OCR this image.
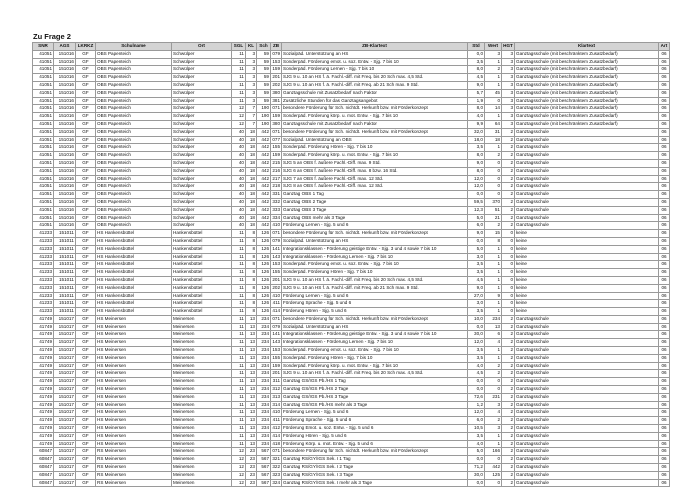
Zu Frage 2
SNR	AGS	LKRKZ	Schulname	Ort	SGL	KL	Sch	ZB	ZB-Klartext	Std	Wert	HGT	Klartext	Art
41051	151016	GF	OBS Papenteich	Schwülper	11	3	59	079	Sozialpäd. Unterstützung an HS	0,0	3	3	Ganztagsschule (mit beschränktem Zusatzbedarf)	06
41051	151016	GF	OBS Papenteich	Schwülper	11	3	59	153	Sonderpäd. Förderung emot. u. soz. Entw. - Sjg. 7 bis 10	3,5	1	3	Ganztagsschule (mit beschränktem Zusatzbedarf)	06
41051	151016	GF	OBS Papenteich	Schwülper	11	3	59	159	Sonderpäd. Förderung Lernen - Sjg. 7 bis 10	8,0	2	3	Ganztagsschule (mit beschränktem Zusatzbedarf)	06
41051	151016	GF	OBS Papenteich	Schwülper	11	3	59	201	SJG 9 u. 10 an HS f. ä. Fachl.-diff. mit Freq. bis 20 Sch max. 4,5 Std.	4,5	1	3	Ganztagsschule (mit beschränktem Zusatzbedarf)	06
41051	151016	GF	OBS Papenteich	Schwülper	11	3	59	202	SJG 9 u. 10 an HS f. ä. Fachl.-diff. mit Freq. ab 21 Sch max. 9 Std.	9,0	1	3	Ganztagsschule (mit beschränktem Zusatzbedarf)	06
41051	151016	GF	OBS Papenteich	Schwülper	11	3	59	380	Ganztagsschule mit Zusatzbedarf nach Faktor	5,7	45	3	Ganztagsschule (mit beschränktem Zusatzbedarf)	06
41051	151016	GF	OBS Papenteich	Schwülper	11	3	59	381	Zusätzliche Stunden für das Ganztagsangebot	1,9	0	3	Ganztagsschule (mit beschränktem Zusatzbedarf)	06
41051	151016	GF	OBS Papenteich	Schwülper	12	7	190	071	besondere Förderung für Sch. nichtdt. Herkunft bzw. mit Förderkonzept	8,0	14	3	Ganztagsschule (mit beschränktem Zusatzbedarf)	06
41051	151016	GF	OBS Papenteich	Schwülper	12	7	190	159	Sonderpäd. Förderung körp. u. mot. Entw. - Sjg. 7 bis 10	4,0	1	3	Ganztagsschule (mit beschränktem Zusatzbedarf)	06
41051	151016	GF	OBS Papenteich	Schwülper	12	7	190	380	Ganztagsschule mit Zusatzbedarf nach Faktor	9,9	64	3	Ganztagsschule (mit beschränktem Zusatzbedarf)	06
41051	151016	GF	OBS Papenteich	Schwülper	40	18	442	071	besondere Förderung für Sch. nichtdt. Herkunft bzw. mit Förderkonzept	32,0	31	2	Ganztagsschule	06
41051	151016	GF	OBS Papenteich	Schwülper	40	18	442	077	Sozialpäd. Unterstützung an OBS	18,0	18	2	Ganztagsschule	06
41051	151016	GF	OBS Papenteich	Schwülper	40	18	442	155	Sonderpäd. Förderung Hören - Sjg. 7 bis 10	3,5	1	2	Ganztagsschule	06
41051	151016	GF	OBS Papenteich	Schwülper	40	18	442	159	Sonderpäd. Förderung körp. u. mot. Entw. - Sjg. 7 bis 10	8,0	2	2	Ganztagsschule	06
41051	151016	GF	OBS Papenteich	Schwülper	40	18	442	215	SJG 5 an OBS f. äußere Fachl.-Diff. max. 9 Std.	9,0	0	2	Ganztagsschule	06
41051	151016	GF	OBS Papenteich	Schwülper	40	18	442	216	SJG 6 an OBS f. äußere Fachl.-Diff. max. 8 bzw. 16 Std.	8,0	0	2	Ganztagsschule	06
41051	151016	GF	OBS Papenteich	Schwülper	40	18	442	217	SJG 7 an OBS f. äußere Fachl.-Diff. max. 12 Std.	12,0	0	2	Ganztagsschule	06
41051	151016	GF	OBS Papenteich	Schwülper	40	18	442	218	SJG 8 an OBS f. äußere Fachl.-Diff. max. 12 Std.	12,0	0	2	Ganztagsschule	06
41051	151016	GF	OBS Papenteich	Schwülper	40	18	442	331	Ganztag OBS 1 Tag	0,0	0	2	Ganztagsschule	06
41051	151016	GF	OBS Papenteich	Schwülper	40	18	442	332	Ganztag OBS 2 Tage	59,5	370	2	Ganztagsschule	06
41051	151016	GF	OBS Papenteich	Schwülper	40	18	442	333	Ganztag OBS 3 Tage	12,3	51	2	Ganztagsschule	06
41051	151016	GF	OBS Papenteich	Schwülper	40	18	442	334	Ganztag OBS mehr als 3 Tage	5,0	21	2	Ganztagsschule	06
41051	151016	GF	OBS Papenteich	Schwülper	40	18	442	410	Förderung Lernen - Sjg. 5 und 6	6,0	2	2	Ganztagsschule	06
41233	151011	GF	HS Hankensbüttel	Hankensbüttel	11	8	126	071	besondere Förderung für Sch. nichtdt. Herkunft bzw. mit Förderkonzept	9,0	15	0	keine	06
41233	151011	GF	HS Hankensbüttel	Hankensbüttel	11	8	126	079	Sozialpäd. Unterstützung an HS	0,0	8	0	keine	06
41233	151011	GF	HS Hankensbüttel	Hankensbüttel	11	8	126	141	Integrationsklassen - Förderung geistige Entw. - Sjg. 3 und 4 sowie 7 bis 10	5,0	1	0	keine	06
41233	151011	GF	HS Hankensbüttel	Hankensbüttel	11	8	126	143	Integrationsklassen - Förderung Lernen - Sjg. 7 bis 10	3,0	1	0	keine	06
41233	151011	GF	HS Hankensbüttel	Hankensbüttel	11	8	126	153	Sonderpäd. Förderung emot. u. soz. Entw. - Sjg. 7 bis 10	3,5	1	0	keine	06
41233	151011	GF	HS Hankensbüttel	Hankensbüttel	11	8	126	155	Sonderpäd. Förderung Hören - Sjg. 7 bis 10	3,5	1	0	keine	06
41233	151011	GF	HS Hankensbüttel	Hankensbüttel	11	8	126	201	SJG 9 u. 10 an HS f. ä. Fachl.-diff. mit Freq. bis 20 Sch max. 4,5 Std.	4,5	1	0	keine	06
41233	151011	GF	HS Hankensbüttel	Hankensbüttel	11	8	126	202	SJG 9 u. 10 an HS f. ä. Fachl.-diff. mit Freq. ab 21 Sch max. 9 Std.	9,0	1	0	keine	06
41233	151011	GF	HS Hankensbüttel	Hankensbüttel	11	8	126	410	Förderung Lernen - Sjg. 5 und 6	27,0	9	0	keine	06
41233	151011	GF	HS Hankensbüttel	Hankensbüttel	11	8	126	411	Förderung Sprache - Sjg. 5 und 6	3,0	1	0	keine	06
41233	151011	GF	HS Hankensbüttel	Hankensbüttel	11	8	126	414	Förderung Hören - Sjg. 5 und 6	3,5	1	0	keine	06
41749	151017	GF	HS Meinersen	Meinersen	11	13	234	071	besondere Förderung für Sch. nichtdt. Herkunft bzw. mit Förderkonzept	10,0	234	2	Ganztagsschule	06
41749	151017	GF	HS Meinersen	Meinersen	11	13	234	079	Sozialpäd. Unterstützung an HS	0,0	13	2	Ganztagsschule	06
41749	151017	GF	HS Meinersen	Meinersen	11	13	234	141	Integrationsklassen - Förderung geistige Entw. - Sjg. 3 und 4 sowie 7 bis 10	30,0	6	2	Ganztagsschule	06
41749	151017	GF	HS Meinersen	Meinersen	11	13	234	143	Integrationsklassen - Förderung Lernen - Sjg. 7 bis 10	12,0	4	2	Ganztagsschule	06
41749	151017	GF	HS Meinersen	Meinersen	11	13	234	153	Sonderpäd. Förderung emot. u. soz. Entw. - Sjg. 7 bis 10	3,5	1	2	Ganztagsschule	06
41749	151017	GF	HS Meinersen	Meinersen	11	13	234	155	Sonderpäd. Förderung Hören - Sjg. 7 bis 10	3,5	1	2	Ganztagsschule	06
41749	151017	GF	HS Meinersen	Meinersen	11	13	234	159	Sonderpäd. Förderung körp. u. mot. Entw. - Sjg. 7 bis 10	4,0	2	2	Ganztagsschule	06
41749	151017	GF	HS Meinersen	Meinersen	11	13	234	201	SJG 9 u. 10 an HS f. ä. Fachl.-diff. mit Freq. bis 20 Sch max. 4,5 Std.	4,5	2	2	Ganztagsschule	06
41749	151017	GF	HS Meinersen	Meinersen	11	13	234	311	Ganztag GS/IGS Pb./HS 1 Tag	0,0	0	2	Ganztagsschule	06
41749	151017	GF	HS Meinersen	Meinersen	11	13	234	312	Ganztag GS/IGS Pb./HS 2 Tage	0,0	0	2	Ganztagsschule	06
41749	151017	GF	HS Meinersen	Meinersen	11	13	234	313	Ganztag GS/IGS Pb./HS 3 Tage	72,6	231	2	Ganztagsschule	06
41749	151017	GF	HS Meinersen	Meinersen	11	13	234	314	Ganztag GS/IGS Pb./HS mehr als 3 Tage	1,2	3	2	Ganztagsschule	06
41749	151017	GF	HS Meinersen	Meinersen	11	13	234	410	Förderung Lernen - Sjg. 5 und 6	12,0	4	2	Ganztagsschule	06
41749	151017	GF	HS Meinersen	Meinersen	11	13	234	411	Förderung Sprache - Sjg. 5 und 6	6,0	2	2	Ganztagsschule	06
41749	151017	GF	HS Meinersen	Meinersen	11	13	234	412	Förderung Emot. u. soz. Entw. - Sjg. 5 und 6	10,5	3	2	Ganztagsschule	06
41749	151017	GF	HS Meinersen	Meinersen	11	13	234	414	Förderung Hören - Sjg. 5 und 6	3,5	1	2	Ganztagsschule	06
41749	151017	GF	HS Meinersen	Meinersen	11	13	234	418	Förderung Körp. u. mot. Entw. - Sjg. 5 und 6	4,0	1	2	Ganztagsschule	06
60847	151017	GF	RS Meinersen	Meinersen	12	23	567	071	besondere Förderung für Sch. nichtdt. Herkunft bzw. mit Förderkonzept	5,0	166	2	Ganztagsschule	06
60847	151017	GF	RS Meinersen	Meinersen	12	23	567	321	Ganztag RS/GY/IGS Sek. I 1 Tag	0,0	0	2	Ganztagsschule	06
60847	151017	GF	RS Meinersen	Meinersen	12	23	567	322	Ganztag RS/GY/IGS Sek. I 2 Tage	71,2	442	2	Ganztagsschule	06
60847	151017	GF	RS Meinersen	Meinersen	12	23	567	323	Ganztag RS/GY/IGS Sek. I 3 Tage	30,0	125	2	Ganztagsschule	06
60847	151017	GF	RS Meinersen	Meinersen	12	23	567	324	Ganztag RS/GY/IGS Sek. I mehr als 3 Tage	0,0	0	2	Ganztagsschule	06
